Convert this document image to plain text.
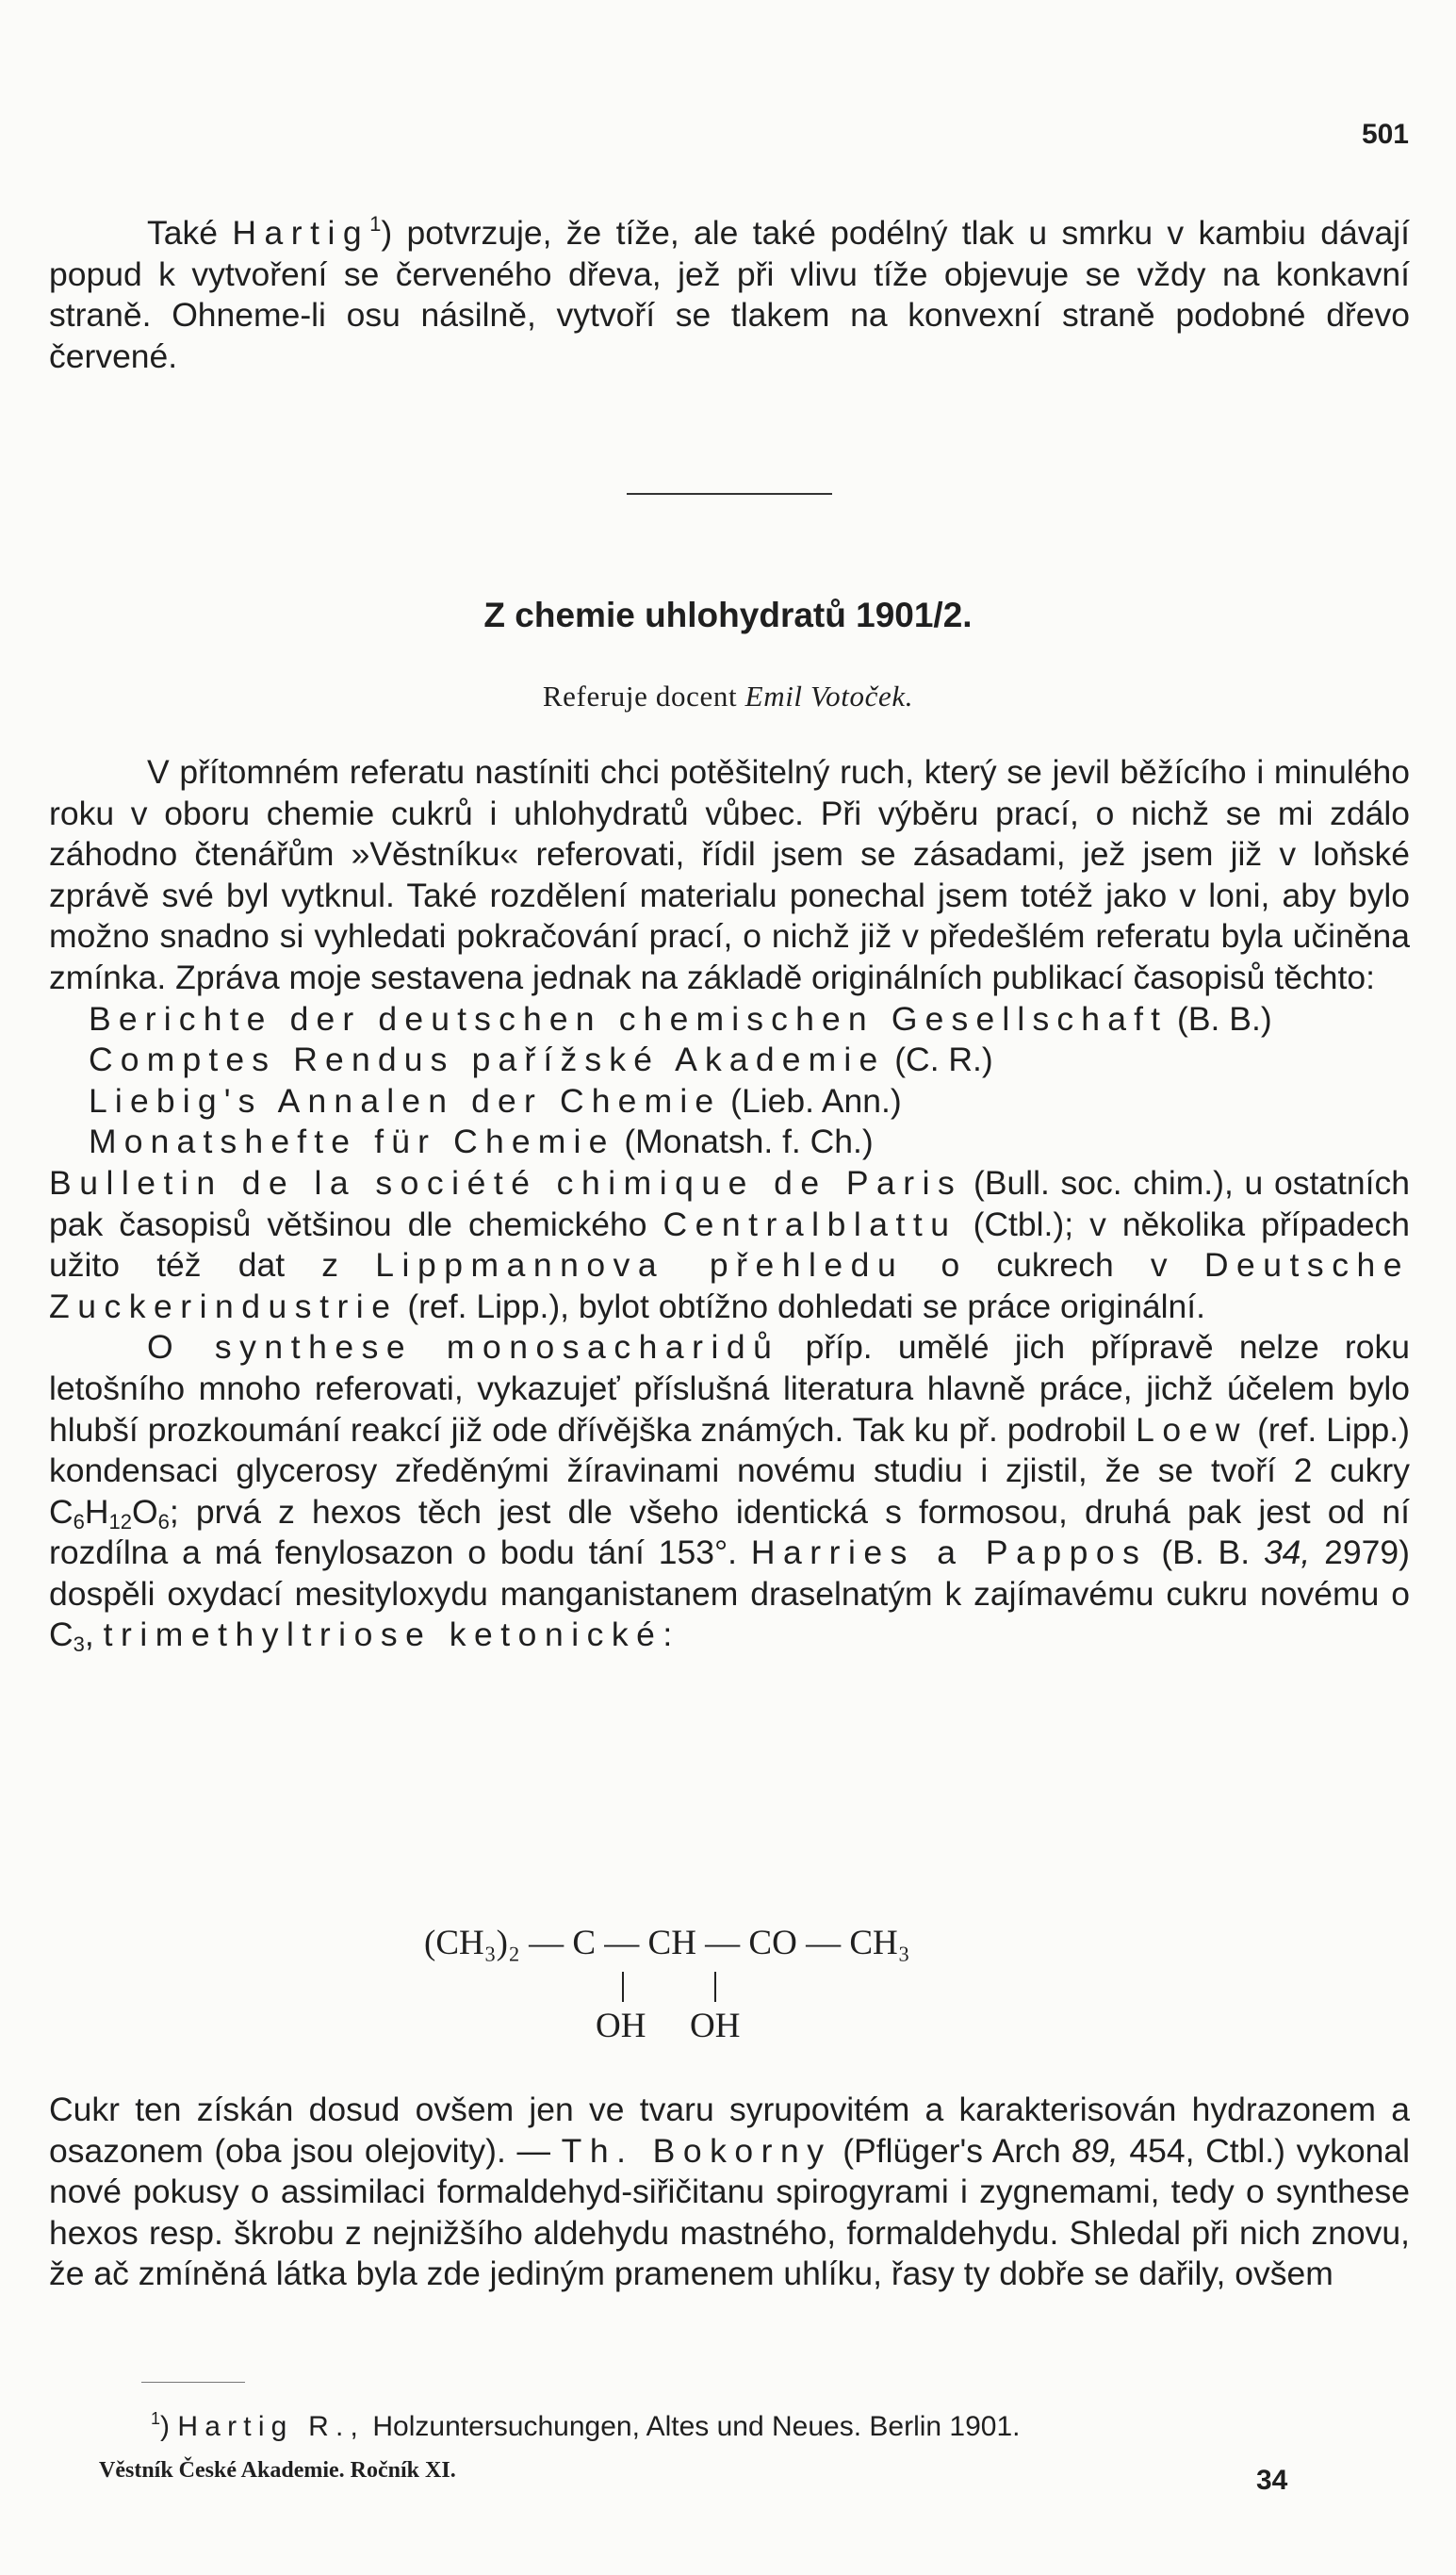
501

Také Hartig$^1$) potvrzuje, že tíže, ale také podélný tlak u smrku v kambiu dávají popud k vytvoření se červeného dřeva, jež při vlivu tíže objevuje se vždy na konkavní straně. Ohneme-li osu násilně, vytvoří se tlakem na konvexní straně podobné dřevo červené.

Z chemie uhlohydratů 1901/2.
Referuje docent Emil Votoček.

V přítomném referatu nastíniti chci potěšitelný ruch, který se jevil běžícího i minulého roku v oboru chemie cukrů i uhlohydratů vůbec. Při výběru prací, o nichž se mi zdálo záhodno čtenářům »Věstníku« referovati, řídil jsem se zásadami, jež jsem již v loňské zprávě své byl vytknul. Také rozdělení materialu ponechal jsem totéž jako v loni, aby bylo možno snadno si vyhledati pokračování prací, o nichž již v předešlém referatu byla učiněna zmínka. Zpráva moje sestavena jednak na základě originálních publikací časopisů těchto:

Berichte der deutschen chemischen Gesellschaft (B. B.)
Comptes Rendus pařížské Akademie (C. R.)
Liebig's Annalen der Chemie (Lieb. Ann.)
Monatshefte für Chemie (Monatsh. f. Ch.)
Bulletin de la société chimique de Paris (Bull. soc. chim.), u ostatních pak časopisů většinou dle chemického Centralblattu (Ctbl.); v několika případech užito též dat z Lippmannova přehledu o cukrech v Deutsche Zuckerindustrie (ref. Lipp.), bylot obtížno dohledati se práce originální.

O synthese monosacharidů příp. umělé jich přípravě nelze roku letošního mnoho referovati, vykazujeť příslušná literatura hlavně práce, jichž účelem bylo hlubší prozkoumání reakcí již ode dřívějška známých. Tak ku př. podrobil Loew (ref. Lipp.) kondensaci glycerosy zředěnými žíravinami novému studiu i zjistil, že se tvoří 2 cukry $C_6H_{12}O_6$; prvá z hexos těch jest dle všeho identická s formosou, druhá pak jest od ní rozdílna a má fenylosazon o bodu tání 153°. Harries a Pappos (B. B. 34, 2979) dospěli oxydací mesityloxydu manganistanem draselnatým k zajímavému cukru novému o $C_3$, trimethyltriose ketonické:

(CH₃)₂ — C — CH — CO — CH₃
OH OH
Cukr ten získán dosud ovšem jen ve tvaru syrupovitém a karakterisován hydrazonem a osazonem (oba jsou olejovity). — Th. Bokorny (Pflüger's Arch 89, 454, Ctbl.) vykonal nové pokusy o assimilaci formaldehyd-siřičitanu spirogyrami i zygnemami, tedy o synthese hexos resp. škrobu z nejnižšího aldehydu mastného, formaldehydu. Shledal při nich znovu, že ač zmíněná látka byla zde jediným pramenem uhlíku, řasy ty dobře se dařily, ovšem
$^1$) Hartig R., Holzuntersuchungen, Altes und Neues. Berlin 1901.
Věstník České Akademie. Ročník XI.	34
